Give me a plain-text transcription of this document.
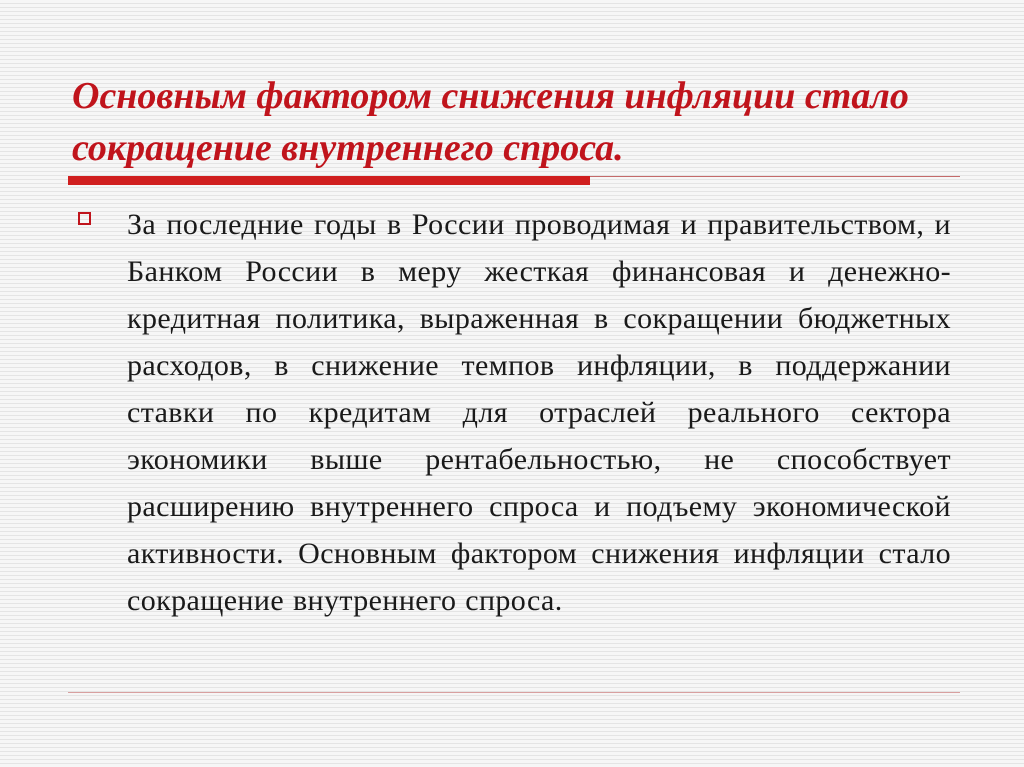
Основным фактором снижения инфляции стало сокращение внутреннего спроса.

За последние годы в России проводимая и правительством, и Банком России в меру жесткая финансовая и денежно-кредитная политика, выраженная в сокращении бюджетных расходов, в снижение темпов инфляции, в поддержании ставки по кредитам для отраслей реального сектора экономики выше рентабельностью, не способствует расширению внутреннего спроса и подъему экономической активности. Основным фактором снижения инфляции стало сокращение внутреннего спроса.
